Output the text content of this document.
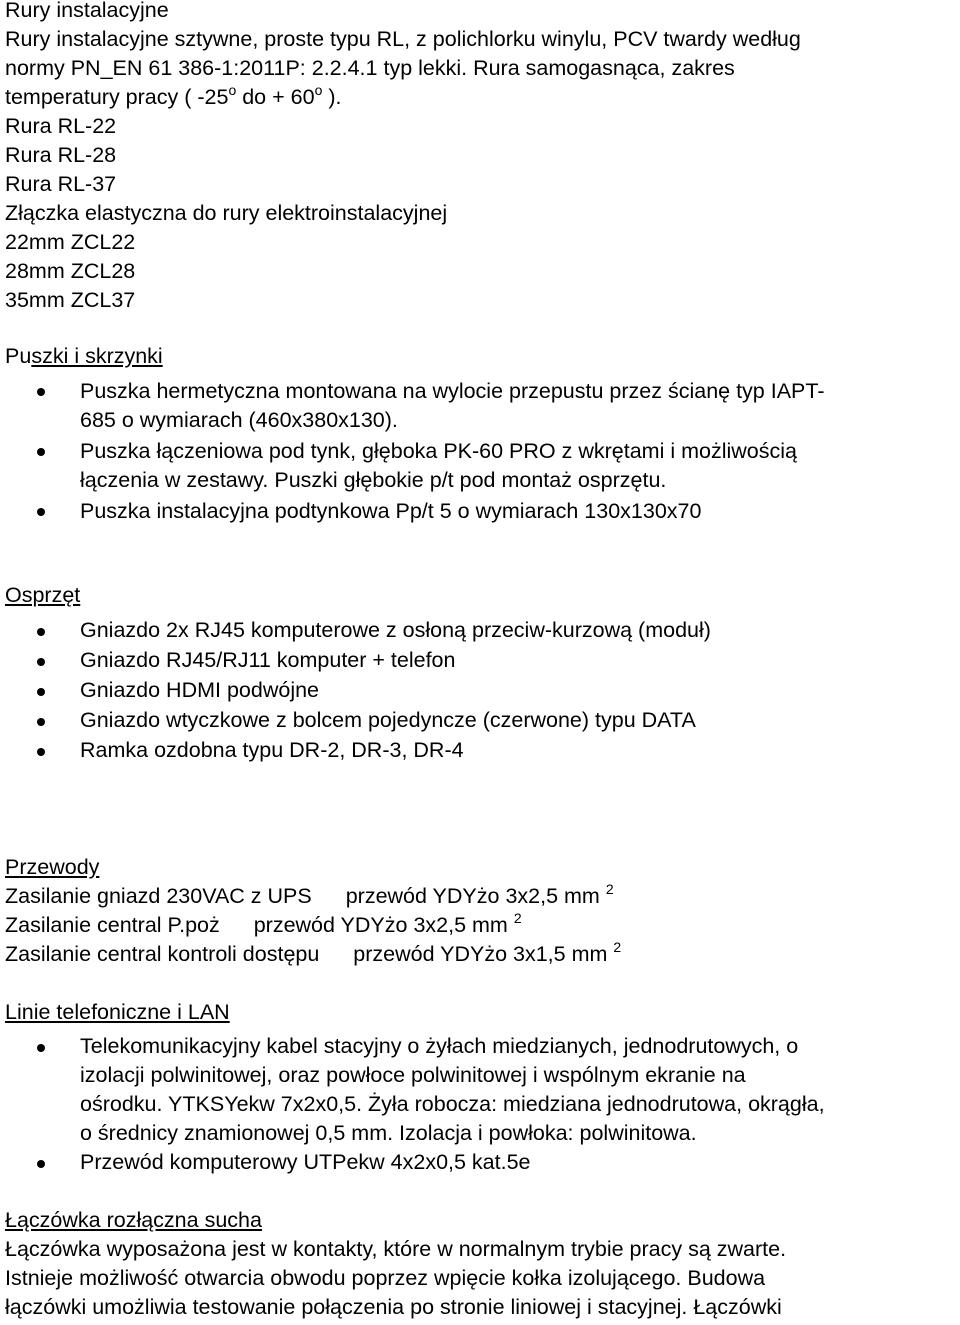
Rury instalacyjne
Rury instalacyjne sztywne, proste typu RL, z polichlorku winylu, PCV twardy według
normy PN_EN 61 386-1:2011P: 2.2.4.1 typ lekki. Rura samogasnąca, zakres
temperatury pracy ( -25$^o$ do + $60^o$ ).
Rura RL-22
Rura RL-28
Rura RL-37
Złączka elastyczna do rury elektroinstalacyjnej
22mm ZCL22
28mm ZCL28
35mm ZCL37
Puszki i skrzynki
Puszka hermetyczna montowana na wylocie przepustu przez ścianę typ IAPT-
685 o wymiarach (460x380x130).
Puszka łączeniowa pod tynk, głęboka PK-60 PRO z wkrętami i możliwością
łączenia w zestawy. Puszki głębokie p/t pod montaż osprzętu.
Puszka instalacyjna podtynkowa Pp/t 5 o wymiarach 130x130x70
Osprzęt
Gniazdo 2x RJ45 komputerowe z osłoną przeciw-kurzową (moduł)
Gniazdo RJ45/RJ11 komputer + telefon
Gniazdo HDMI podwójne
Gniazdo wtyczkowe z bolcem pojedyncze (czerwone) typu DATA
Ramka ozdobna typu DR-2, DR-3, DR-4
Przewody
Zasilanie gniazd 230VAC z UPS przewód YDYżo 3x2,5 mm $^2$
Zasilanie central P.poż przewód YDYżo 3x2,5 mm $^2$
Zasilanie central kontroli dostępu przewód YDYżo 3x1,5 mm $^2$
Linie telefoniczne i LAN
Telekomunikacyjny kabel stacyjny o żyłach miedzianych, jednodrutowych, o
izolacji polwinitowej, oraz powłoce polwinitowej i wspólnym ekranie na
ośrodku. YTKSYekw 7x2x0,5. Żyła robocza: miedziana jednodrutowa, okrągła,
o średnicy znamionowej 0,5 mm. Izolacja i powłoka: polwinitowa.
Przewód komputerowy UTPekw 4x2x0,5 kat.5e
Łączówka rozłączna sucha
Łączówka wyposażona jest w kontakty, które w normalnym trybie pracy są zwarte.
Istnieje możliwość otwarcia obwodu poprzez wpięcie kołka izolującego. Budowa
łączówki umożliwia testowanie połączenia po stronie liniowej i stacyjnej. Łączówki
